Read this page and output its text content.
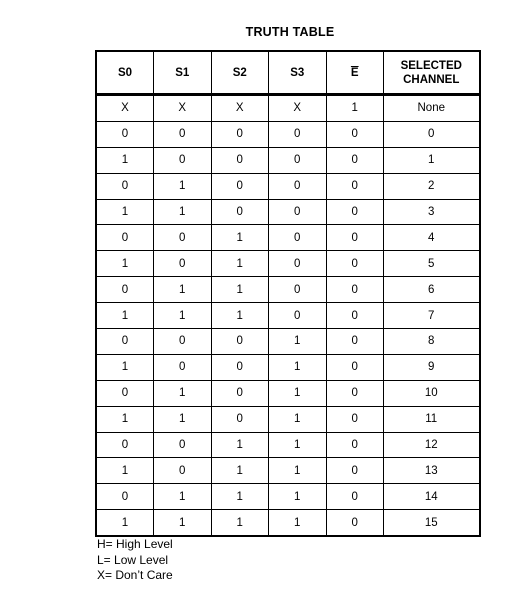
TRUTH TABLE
S0	S1	S2	S3	$\overline{E}$	SELECTED CHANNEL
X	X	X	X	1	None
0	0	0	0	0	0
1	0	0	0	0	1
0	1	0	0	0	2
1	1	0	0	0	3
0	0	1	0	0	4
1	0	1	0	0	5
0	1	1	0	0	6
1	1	1	0	0	7
0	0	0	1	0	8
1	0	0	1	0	9
0	1	0	1	0	10
1	1	0	1	0	11
0	0	1	1	0	12
1	0	1	1	0	13
0	1	1	1	0	14
1	1	1	1	0	15
H= High Level
L= Low Level
X= Don’t Care
